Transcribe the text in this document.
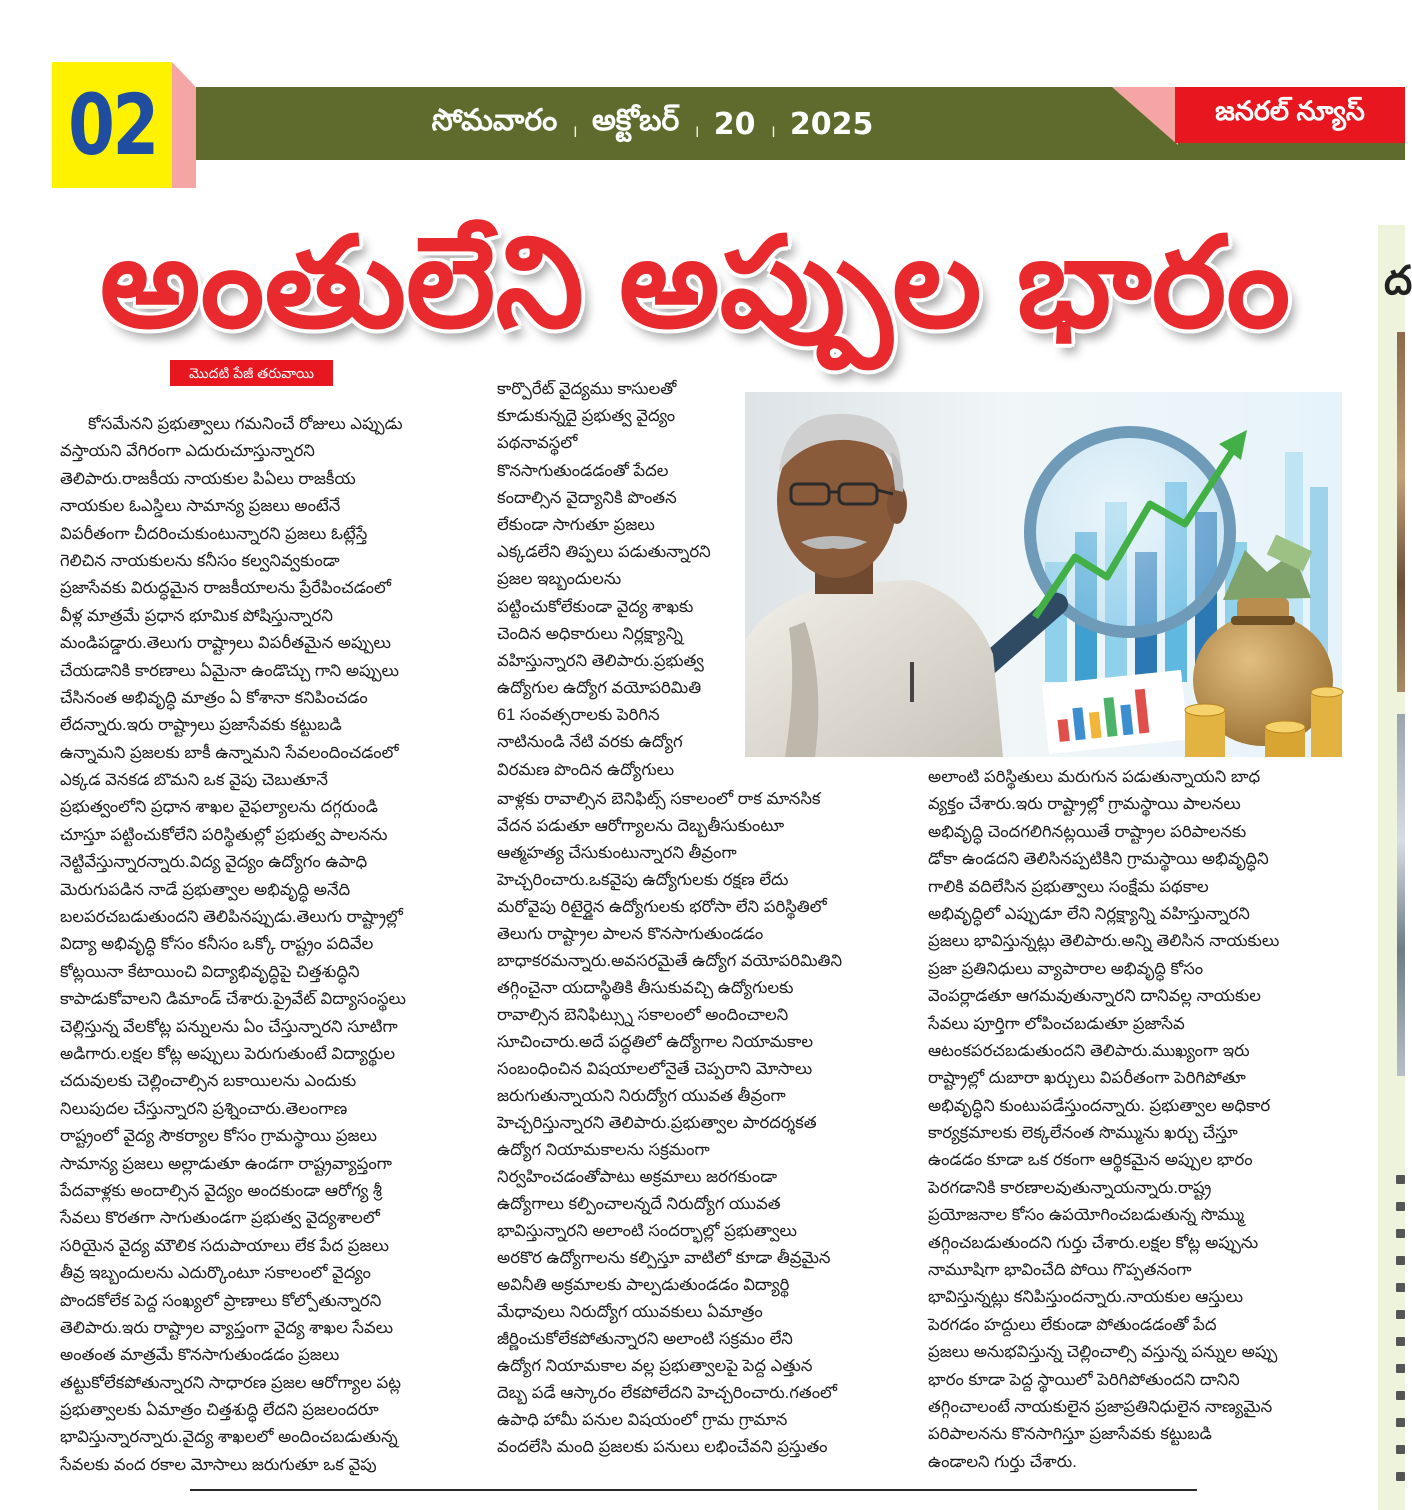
02	సోమవారం । అక్టోబర్ । 20 । 2025	జనరల్ న్యూస్
అంతులేని అప్పుల భారం
మొదటి పేజీ తరువాయి
కోసమేనని ప్రభుత్వాలు గమనించే రోజులు ఎప్పుడు
వస్తాయని వేగిరంగా ఎదురుచూస్తున్నారని
తెలిపారు.రాజకీయ నాయకుల పిఏలు రాజకీయ
నాయకుల ఓఎస్డిలు సామాన్య ప్రజలు అంటేనే
విపరీతంగా చీదరించుకుంటున్నారని ప్రజలు ఓట్లేస్తే
గెలిచిన నాయకులను కనీసం కల్వనివ్వకుండా
ప్రజాసేవకు విరుద్ధమైన రాజకీయాలను ప్రేరేపించడంలో
వీళ్ల మాత్రమే ప్రధాన భూమిక పోషిస్తున్నారని
మండిపడ్డారు.తెలుగు రాష్ట్రాలు విపరీతమైన అప్పులు
చేయడానికి కారణాలు ఏమైనా ఉండొచ్చు గాని అప్పులు
చేసినంత అభివృద్ధి మాత్రం ఏ కోశానా కనిపించడం
లేదన్నారు.ఇరు రాష్ట్రాలు ప్రజాసేవకు కట్టుబడి
ఉన్నామని ప్రజలకు బాకీ ఉన్నామని సేవలందించడంలో
ఎక్కడ వెనకడ బొమని ఒక వైపు చెబుతూనే
ప్రభుత్వంలోని ప్రధాన శాఖల వైఫల్యాలను దగ్గరుండి
చూస్తూ పట్టించుకోలేని పరిస్థితుల్లో ప్రభుత్వ పాలనను
నెట్టివేస్తున్నారన్నారు.విద్య వైద్యం ఉద్యోగం ఉపాధి
మెరుగుపడిన నాడే ప్రభుత్వాల అభివృద్ధి అనేది
బలపరచబడుతుందని తెలిపినప్పుడు.తెలుగు రాష్ట్రాల్లో
విద్యా అభివృద్ధి కోసం కనీసం ఒక్కో రాష్ట్రం పదివేల
కోట్లయినా కేటాయించి విద్యాభివృద్ధిపై చిత్తశుద్ధిని
కాపాడుకోవాలని డిమాండ్ చేశారు.ప్రైవేట్ విద్యాసంస్థలు
చెల్లిస్తున్న వేలకోట్ల పన్నులను ఏం చేస్తున్నారని సూటిగా
అడిగారు.లక్షల కోట్ల అప్పులు పెరుగుతుంటే విద్యార్థుల
చదువులకు చెల్లించాల్సిన బకాయిలను ఎందుకు
నిలుపుదల చేస్తున్నారని ప్రశ్నించారు.తెలంగాణ
రాష్ట్రంలో వైద్య సౌకర్యాల కోసం గ్రామస్థాయి ప్రజలు
సామాన్య ప్రజలు అల్లాడుతూ ఉండగా రాష్ట్రవ్యాప్తంగా
పేదవాళ్లకు అందాల్సిన వైద్యం అందకుండా ఆరోగ్య శ్రీ
సేవలు కొరతగా సాగుతుండగా ప్రభుత్వ వైద్యశాలలో
సరియైన వైద్య మౌలిక సదుపాయాలు లేక పేద ప్రజలు
తీవ్ర ఇబ్బందులను ఎదుర్కొంటూ సకాలంలో వైద్యం
పొందకోలేక పెద్ద సంఖ్యలో ప్రాణాలు కోల్పోతున్నారని
తెలిపారు.ఇరు రాష్ట్రాల వ్యాప్తంగా వైద్య శాఖల సేవలు
అంతంత మాత్రమే కొనసాగుతుండడం ప్రజలు
తట్టుకోలేకపోతున్నారని సాధారణ ప్రజల ఆరోగ్యాల పట్ల
ప్రభుత్వాలకు ఏమాత్రం చిత్తశుద్ధి లేదని ప్రజలందరూ
భావిస్తున్నారన్నారు.వైద్య శాఖలలో అందించబడుతున్న
సేవలకు వంద రకాల మోసాలు జరుగుతూ ఒక వైపు
కార్పొరేట్ వైద్యము కాసులతో
కూడుకున్నదై ప్రభుత్వ వైద్యం
పథనావస్థలో
కొనసాగుతుండడంతో పేదల
కందాల్సిన వైద్యానికి పొంతన
లేకుండా సాగుతూ ప్రజలు
ఎక్కడలేని తిప్పలు పడుతున్నారని
ప్రజల ఇబ్బందులను
పట్టించుకోలేకుండా వైద్య శాఖకు
చెందిన అధికారులు నిర్లక్ష్యాన్ని
వహిస్తున్నారని తెలిపారు.ప్రభుత్వ
ఉద్యోగుల ఉద్యోగ వయోపరిమితి
61 సంవత్సరాలకు పెరిగిన
నాటినుండి నేటి వరకు ఉద్యోగ
విరమణ పొందిన ఉద్యోగులు
వాళ్లకు రావాల్సిన బెనిఫిట్స్ సకాలంలో రాక మానసిక
వేదన పడుతూ ఆరోగ్యాలను దెబ్బతీసుకుంటూ
ఆత్మహత్య చేసుకుంటున్నారని తీవ్రంగా
హెచ్చరించారు.ఒకవైపు ఉద్యోగులకు రక్షణ లేదు
మరోవైపు రిటైర్డైన ఉద్యోగులకు భరోసా లేని పరిస్థితిలో
తెలుగు రాష్ట్రాల పాలన కొనసాగుతుండడం
బాధాకరమన్నారు.అవసరమైతే ఉద్యోగ వయోపరిమితిని
తగ్గించైనా యదాస్థితికి తీసుకువచ్చి ఉద్యోగులకు
రావాల్సిన బెనిఫిట్స్ను సకాలంలో అందించాలని
సూచించారు.అదే పద్ధతిలో ఉద్యోగాల నియామకాల
సంబంధించిన విషయాలలోనైతే చెప్పరాని మోసాలు
జరుగుతున్నాయని నిరుద్యోగ యువత తీవ్రంగా
హెచ్చరిస్తున్నారని తెలిపారు.ప్రభుత్వాల పారదర్శకత
ఉద్యోగ నియామకాలను సక్రమంగా
నిర్వహించడంతోపాటు అక్రమాలు జరగకుండా
ఉద్యోగాలు కల్పించాలన్నదే నిరుద్యోగ యువత
భావిస్తున్నారని అలాంటి సందర్భాల్లో ప్రభుత్వాలు
అరకొర ఉద్యోగాలను కల్పిస్తూ వాటిలో కూడా తీవ్రమైన
అవినీతి అక్రమాలకు పాల్పడుతుండడం విద్యార్థి
మేధావులు నిరుద్యోగ యువకులు ఏమాత్రం
జీర్ణించుకోలేకపోతున్నారని అలాంటి సక్రమం లేని
ఉద్యోగ నియామకాల వల్ల ప్రభుత్వాలపై పెద్ద ఎత్తున
దెబ్బ పడే ఆస్కారం లేకపోలేదని హెచ్చరించారు.గతంలో
ఉపాధి హామీ పనుల విషయంలో గ్రామ గ్రామాన
వందలేసి మంది ప్రజలకు పనులు లభించేవని ప్రస్తుతం
అలాంటి పరిస్థితులు మరుగున పడుతున్నాయని బాధ
వ్యక్తం చేశారు.ఇరు రాష్ట్రాల్లో గ్రామస్థాయి పాలనలు
అభివృద్ధి చెందగలిగినట్లయితే రాష్ట్రాల పరిపాలనకు
డోకా ఉండదని తెలిసినప్పటికిని గ్రామస్థాయి అభివృద్ధిని
గాలికి వదిలేసిన ప్రభుత్వాలు సంక్షేమ పథకాల
అభివృద్ధిలో ఎప్పుడూ లేని నిర్లక్ష్యాన్ని వహిస్తున్నారని
ప్రజలు భావిస్తున్నట్లు తెలిపారు.అన్ని తెలిసిన నాయకులు
ప్రజా ప్రతినిధులు వ్యాపారాల అభివృద్ధి కోసం
వెంపర్లాడతూ ఆగమవుతున్నారని దానివల్ల నాయకుల
సేవలు పూర్తిగా లోపించబడుతూ ప్రజాసేవ
ఆటంకపరచబడుతుందని తెలిపారు.ముఖ్యంగా ఇరు
రాష్ట్రాల్లో దుబారా ఖర్చులు విపరీతంగా పెరిగిపోతూ
అభివృద్ధిని కుంటుపడేస్తుందన్నారు. ప్రభుత్వాల అధికార
కార్యక్రమాలకు లెక్కలేనంత సొమ్మును ఖర్చు చేస్తూ
ఉండడం కూడా ఒక రకంగా ఆర్థికమైన అప్పుల భారం
పెరగడానికి కారణాలవుతున్నాయన్నారు.రాష్ట్ర
ప్రయోజనాల కోసం ఉపయోగించబడుతున్న సొమ్ము
తగ్గించబడుతుందని గుర్తు చేశారు.లక్షల కోట్ల అప్పును
నామూషిగా భావించేది పోయి గొప్పతనంగా
భావిస్తున్నట్లు కనిపిస్తుందన్నారు.నాయకుల ఆస్తులు
పెరగడం హద్దులు లేకుండా పోతుండడంతో పేద
ప్రజలు అనుభవిస్తున్న చెల్లించాల్సి వస్తున్న పన్నుల అప్పు
భారం కూడా పెద్ద స్థాయిలో పెరిగిపోతుందని దానిని
తగ్గించాలంటే నాయకులైన ప్రజాప్రతినిధులైన నాణ్యమైన
పరిపాలనను కొనసాగిస్తూ ప్రజాసేవకు కట్టుబడి
ఉండాలని గుర్తు చేశారు.
ద
